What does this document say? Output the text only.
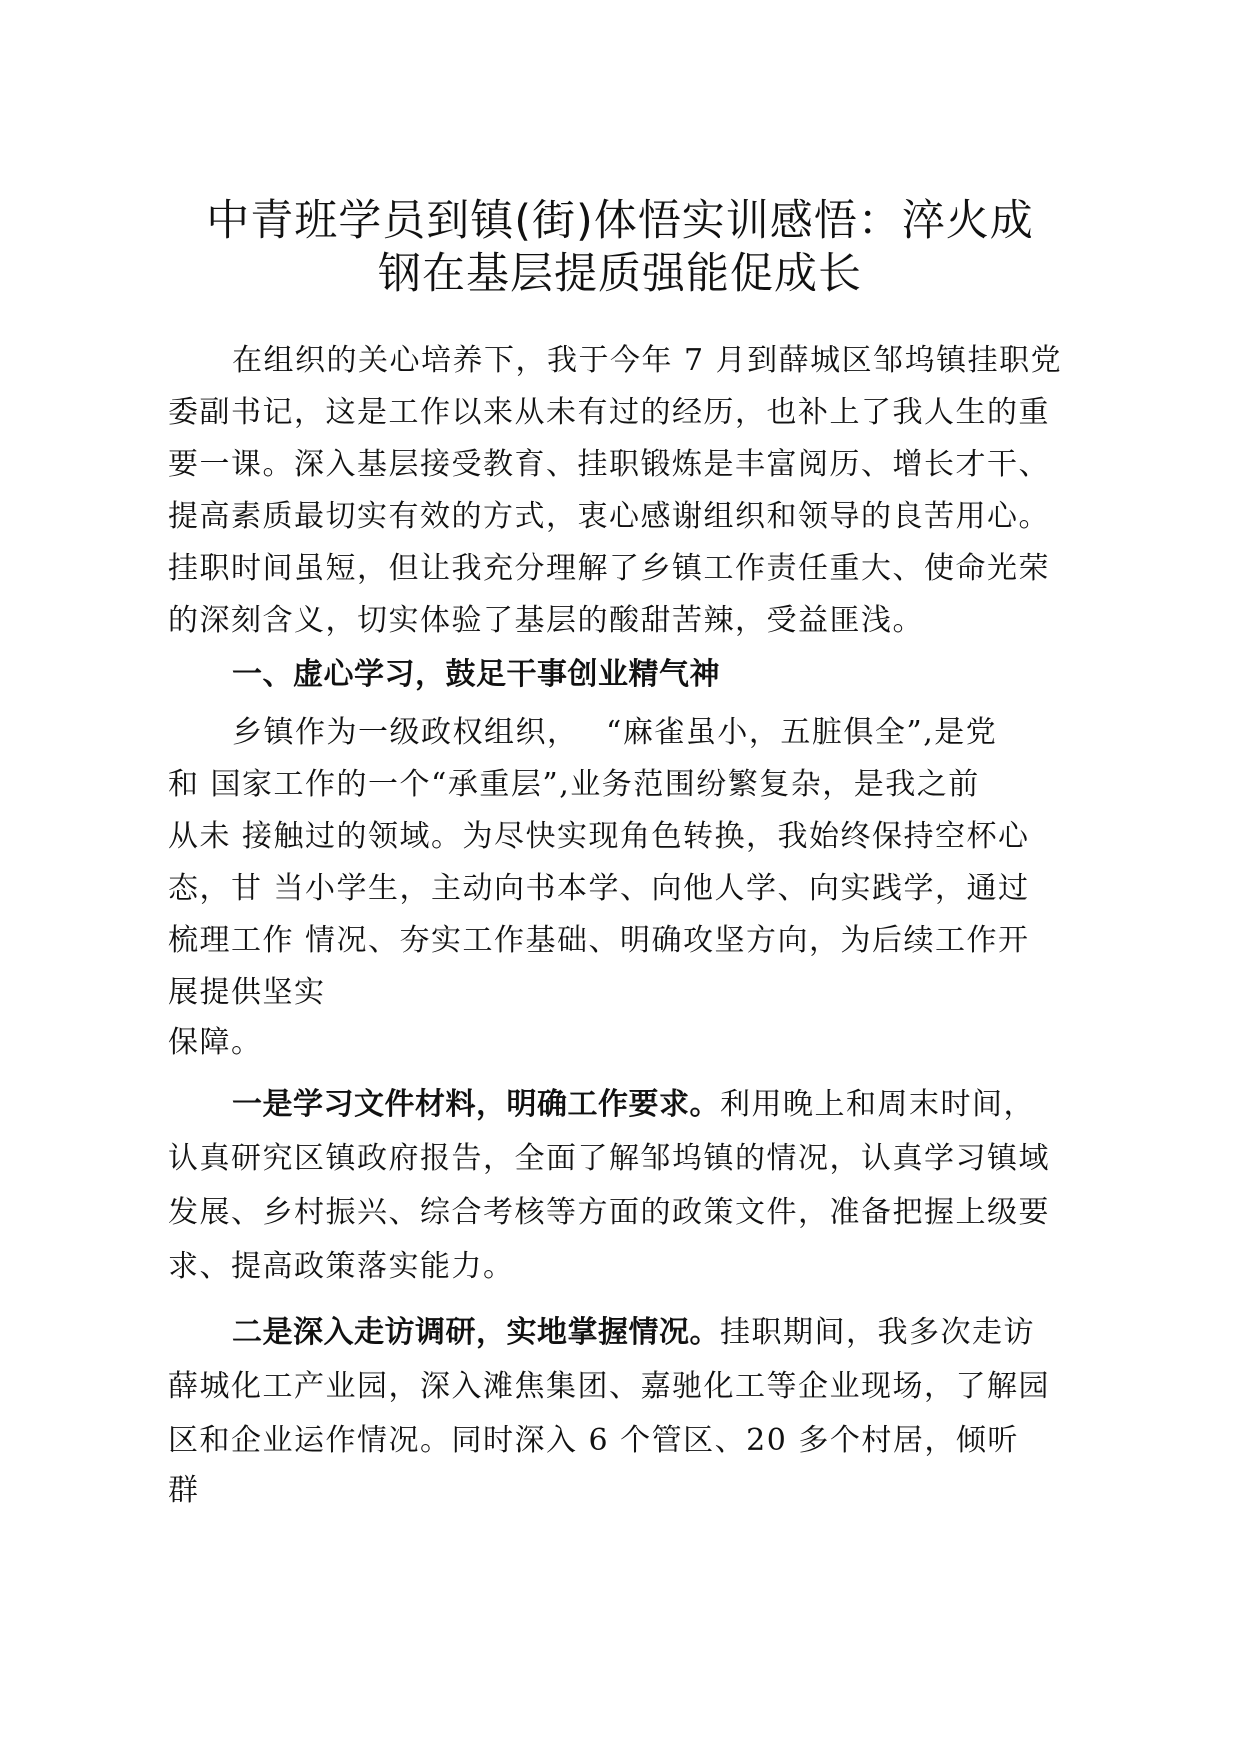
中青班学员到镇(街)体悟实训感悟：淬火成
钢在基层提质强能促成长
在组织的关心培养下，我于今年 7 月到薛城区邹坞镇挂职党
委副书记，这是工作以来从未有过的经历，也补上了我人生的重
要一课。深入基层接受教育、挂职锻炼是丰富阅历、增长才干、
提高素质最切实有效的方式，衷心感谢组织和领导的良苦用心。
挂职时间虽短，但让我充分理解了乡镇工作责任重大、使命光荣
的深刻含义，切实体验了基层的酸甜苦辣，受益匪浅。
一、虚心学习，鼓足干事创业精气神
乡镇作为一级政权组织，　 “麻雀虽小，五脏俱全”,是党
和 国家工作的一个“承重层”,业务范围纷繁复杂，是我之前
从未 接触过的领域。为尽快实现角色转换，我始终保持空杯心
态，甘 当小学生，主动向书本学、向他人学、向实践学，通过
梳理工作 情况、夯实工作基础、明确攻坚方向，为后续工作开
展提供坚实
保障。
一是学习文件材料，明确工作要求。利用晚上和周末时间，
认真研究区镇政府报告，全面了解邹坞镇的情况，认真学习镇域
发展、乡村振兴、综合考核等方面的政策文件，准备把握上级要
求、提高政策落实能力。
二是深入走访调研，实地掌握情况。挂职期间，我多次走访
薛城化工产业园，深入滩焦集团、嘉驰化工等企业现场，了解园
区和企业运作情况。同时深入 6 个管区、20 多个村居，倾听
群
